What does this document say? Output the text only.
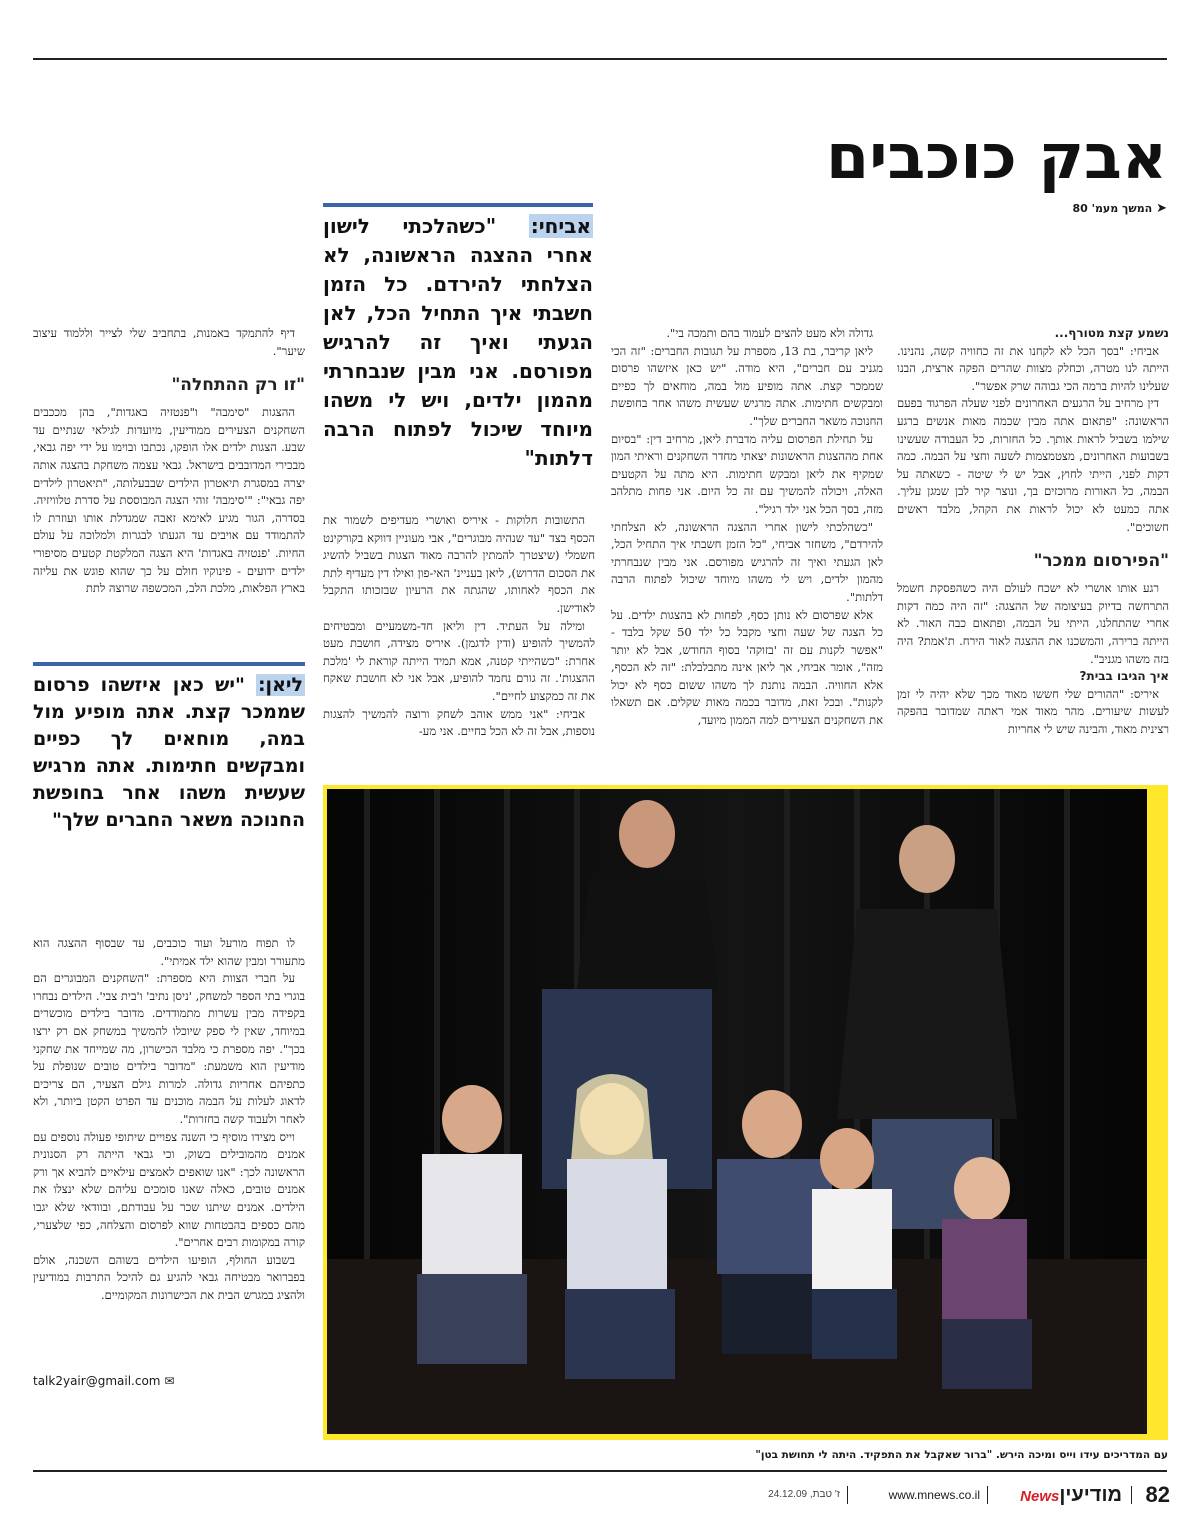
אבק כוכבים
➤ המשך מעמ' 80

נשמע קצת מטורף...

אביחי: "בסך הכל לא לקחנו את זה כחוויה קשה, נהנינו. הייתה לנו מטרה, וכחלק מצוות שהרים הפקה ארצית, הבנו שעלינו להיות ברמה הכי גבוהה שרק אפשר".

דין מרחיב על הרגעים האחרונים לפני שעלה הפרגוד בפעם הראשונה: "פתאום אתה מבין שכמה מאות אנשים ברגע שילמו בשביל לראות אותך. כל החזרות, כל העבודה שעשינו בשבועות האחרונים, מצטמצמות לשעה וחצי על הבמה. כמה דקות לפני, הייתי לחוץ, אבל יש לי שיטה - כשאתה על הבמה, כל האורות מרוכזים בך, ונוצר קיר לבן שמגן עליך. אתה כמעט לא יכול לראות את הקהל, מלבד ראשים חשוכים".

"הפירסום ממכר"

רגע אותו אושרי לא ישכח לעולם היה כשהפסקת חשמל התרחשה בדיוק בעיצומה של ההצגה: "זה היה כמה דקות אחרי שהתחלנו, הייתי על הבמה, ופתאום כבה האור. לא הייתה ברירה, והמשכנו את ההצגה לאור הירח. ת'אמת? היה בזה משהו מגניב".

איך הגיבו בבית?

איריס: "ההורים שלי חששו מאוד מכך שלא יהיה לי זמן לעשות שיעורים. מהר מאוד אמי ראתה שמדובר בהפקה רצינית מאוד, והבינה שיש לי אחריות

גדולה ולא מעט להצים לעמוד בהם ותמכה בי".

ליאן קריבר, בת 13, מספרת על תגובות החברים: "זה הכי מגניב עם חברים", היא מודה. "יש כאן איזשהו פרסום שממכר קצת. אתה מופיע מול במה, מוחאים לך כפיים ומבקשים חתימות. אתה מרגיש שעשית משהו אחר בחופשת החנוכה משאר החברים שלך".

על תחילת הפרסום עליה מדברת ליאן, מרחיב דין: "בסיום אחת מההצגות הראשונות יצאתי מחדר השחקנים וראיתי המון שמקיף את ליאן ומבקש חתימות. היא מתה על הקטעים האלה, ויכולה להמשיך עם זה כל היום. אני פחות מתלהב מזה, בסך הכל אני ילד רגיל".

"כשהלכתי לישון אחרי ההצגה הראשונה, לא הצלחתי להירדם", משחזר אביחי, "כל הזמן חשבתי איך התחיל הכל, לאן הגעתי ואיך זה להרגיש מפורסם. אני מבין שנבחרתי מהמון ילדים, ויש לי משהו מיוחד שיכול לפתוח הרבה דלתות".

אלא שפרסום לא נותן כסף, לפחות לא בהצגות ילדים. על כל הצגה של שעה וחצי מקבל כל ילד 50 שקל בלבד - "אפשר לקנות עם זה 'בזוקה' בסוף החודש, אבל לא יותר מזה", אומר אביחי, אך ליאן אינה מתבלבלת: "זה לא הכסף, אלא החוויה. הבמה נותנת לך משהו ששום כסף לא יכול לקנות". ובכל זאת, מדובר בכמה מאות שקלים. אם תשאלו את השחקנים הצעירים למה הממון מיועד,

אביחי: "כשהלכתי לישון אחרי ההצגה הראשונה, לא הצלחתי להירדם. כל הזמן חשבתי איך התחיל הכל, לאן הגעתי ואיך זה להרגיש מפורסם. אני מבין שנבחרתי מהמון ילדים, ויש לי משהו מיוחד שיכול לפתוח הרבה דלתות"

התשובות חלוקות - איריס ואושרי מעדיפים לשמור את הכסף בצד "עד שנהיה מבוגרים", אבי מעוניין דווקא בקורקינט חשמלי (שיצטרך להמתין להרבה מאוד הצגות בשביל להשיג את הסכום הדרוש), ליאן בעניינ' האי-פון ואילו דין מעדיף לתת את הכסף לאחותו, שהגתה את הרעיון שבזכותו התקבל לאודישן.

ומילה על העתיד. דין וליאן חד-משמעיים ומבטיחים להמשיך להופיע (ודין לדגמן). איריס מצידה, חושבת מעט אחרת: "כשהייתי קטנה, אמא תמיד הייתה קוראת לי 'מלכת ההצגות'. זה גורם נחמד להופיע, אבל אני לא חושבת שאקח את זה כמקצוע לחיים".

אביחי: "אני ממש אוהב לשחק ורוצה להמשיך להצגות נוספות, אבל זה לא הכל בחיים. אני מע-

דיף להתמקד באמנות, בתחביב שלי לצייר וללמוד עיצוב שיער".

"זו רק ההתחלה"

ההצגות "סימבה" ו"פנטזיה באגדות", בהן מככבים השחקנים הצעירים ממודיעין, מיועדות לגילאי שנתיים עד שבע. הצגות ילדים אלו הופקו, נכתבו ובוימו על ידי יפה גבאי, מבכירי המדובבים בישראל. גבאי עצמה משחקת בהצגה אותה יצרה במסגרת תיאטרון הילדים שבבעלותה, "תיאטרון לילדים יפה גבאי": "'סימבה' זוהי הצגה המבוססת על סדרת טלוויזיה. בסדרה, הגור מגיע לאימא זאבה שמגדלת אותו ועוזרת לו להתמודד עם אויבים עד הגעתו לבגרות ולמלוכה על עולם החיות. 'פנטזיה באגדות' היא הצגה המלקטת קטעים מסיפורי ילדים ידועים - פינוקיו חולם על כך שהוא פוגש את עליזה בארץ הפלאות, מלכת הלב, המכשפה שרוצה לתת

ליאן: "יש כאן איזשהו פרסום שממכר קצת. אתה מופיע מול במה, מוחאים לך כפיים ומבקשים חתימות. אתה מרגיש שעשית משהו אחר בחופשת החנוכה משאר החברים שלך"

לו תפוח מורעל ועוד כוכבים, עד שבסוף ההצגה הוא מתעורר ומבין שהוא ילד אמיתי".

על חברי הצוות היא מספרת: "השחקנים המבוגרים הם בוגרי בתי הספר למשחק, 'ניסן נתיב' ו'בית צבי'. הילדים נבחרו בקפידה מבין עשרות מתמודדים. מדובר בילדים מוכשרים במיוחד, שאין לי ספק שיוכלו להמשיך במשחק אם רק ירצו בכך". יפה מספרת כי מלבד הכישרון, מה שמייחד את שחקני מודיעין הוא משמעת: "מדובר בילדים טובים שנופלת על כתפיהם אחריות גדולה. למרות גילם הצעיר, הם צריכים לדאוג לעלות על הבמה מוכנים עד הפרט הקטן ביותר, ולא לאחר ולעבוד קשה בחזרות".

וייס מצידו מוסיף כי השנה צפויים שיתופי פעולה נוספים עם אמנים מהמובילים בשוק, וכי גבאי הייתה רק הסנונית הראשונה לכך: "אנו שואפים לאמצים עילאיים להביא אך ורק אמנים טובים, כאלה שאנו סומכים עליהם שלא ינצלו את הילדים. אמנים שיתנו שכר על עבודתם, ובוודאי שלא יגבו מהם כספים בהבטחות שווא לפרסום והצלחה, כפי שלצערי, קורה במקומות רבים אחרים".

בשבוע החולף, הופיעו הילדים בשוהם השכנה, אולם בפברואר מבטיחה גבאי להגיע גם להיכל התרבות במודיעין ולהציג במגרש הבית את הכישרונות המקומיים.

talk2yair@gmail.com ✉
עם המדריכים עידו וייס ומיכה הירש. "ברור שאקבל את התפקיד. היתה לי תחושת בטן"
82
מודיעיןNews
www.mnews.co.il
ז' טבת, 24.12.09
